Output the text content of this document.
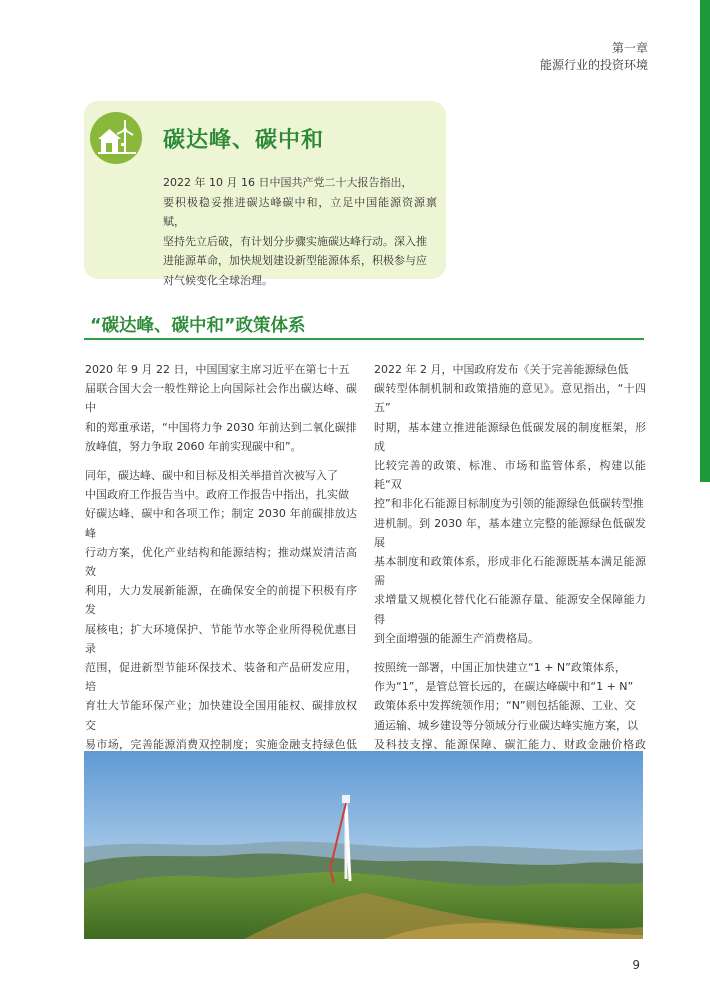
第一章
能源行业的投资环境
碳达峰、碳中和
2022 年 10 月 16 日中国共产党二十大报告指出，
要积极稳妥推进碳达峰碳中和，立足中国能源资源禀赋，
坚持先立后破，有计划分步骤实施碳达峰行动。深入推
进能源革命，加快规划建设新型能源体系，积极参与应
对气候变化全球治理。
“碳达峰、碳中和”政策体系

2020 年 9 月 22 日，中国国家主席习近平在第七十五
届联合国大会一般性辩论上向国际社会作出碳达峰、碳中
和的郑重承诺，“中国将力争 2030 年前达到二氧化碳排
放峰值，努力争取 2060 年前实现碳中和”。

同年，碳达峰、碳中和目标及相关举措首次被写入了
中国政府工作报告当中。政府工作报告中指出，扎实做
好碳达峰、碳中和各项工作；制定 2030 年前碳排放达峰
行动方案，优化产业结构和能源结构；推动煤炭清洁高效
利用，大力发展新能源，在确保安全的前提下积极有序发
展核电；扩大环境保护、节能节水等企业所得税优惠目录
范围，促进新型节能环保技术、装备和产品研发应用，培
育壮大节能环保产业；加快建设全国用能权、碳排放权交
易市场，完善能源消费双控制度；实施金融支持绿色低

2022 年 2 月，中国政府发布《关于完善能源绿色低
碳转型体制机制和政策措施的意见》。意见指出，“十四五”
时期，基本建立推进能源绿色低碳发展的制度框架，形成
比较完善的政策、标准、市场和监管体系，构建以能耗“双
控”和非化石能源目标制度为引领的能源绿色低碳转型推
进机制。到 2030 年，基本建立完整的能源绿色低碳发展
基本制度和政策体系，形成非化石能源既基本满足能源需
求增量又规模化替代化石能源存量、能源安全保障能力得
到全面增强的能源生产消费格局。

按照统一部署，中国正加快建立“1 + N”政策体系，
作为“1”，是管总管长远的，在碳达峰碳中和“1 + N”
政策体系中发挥统领作用；“N”则包括能源、工业、交
通运输、城乡建设等分领域分行业碳达峰实施方案，以
及科技支撑、能源保障、碳汇能力、财政金融价格政

9
